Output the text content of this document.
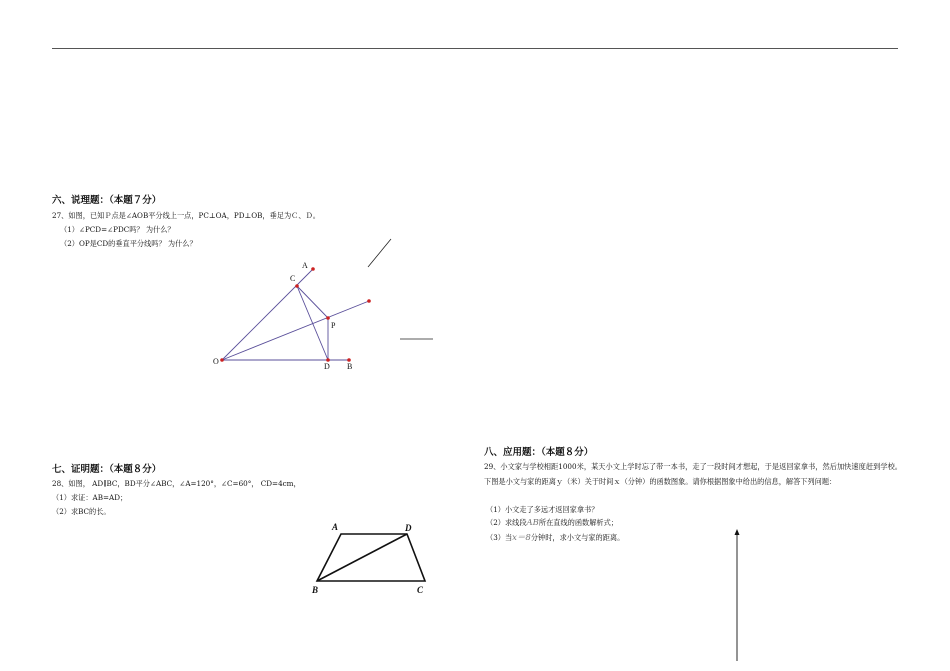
六、说理题：（本题７分）
27、如图，已知Ｐ点是∠AOB平分线上一点，PC⊥OA，PD⊥OB，垂足为Ｃ、Ｄ。
（1）∠PCD=∠PDC吗？ 为什么？
（2）OP是CD的垂直平分线吗？ 为什么？
A
C
P
O
D B
A	D
B	C
七、证明题：（本题８分）
28、如图， AD∥BC，BD平分∠ABC，∠A=120°，∠C=60°， CD=4cm，
（1）求证：AB=AD；
（2）求BC的长。
八、应用题：（本题８分）
29、小文家与学校相距1000米，某天小文上学时忘了带一本书，走了一段时间才想起，于是返回家拿书，然后加快速度赶到学校。下图是小文与家的距离ｙ（米）关于时间ｘ（分钟）的函数图象。请你根据图象中给出的信息，解答下列问题：
（1）小文走了多远才返回家拿书？
（2）求线段AB所在直线的函数解析式；
（3）当x＝8分钟时，求小文与家的距离。
